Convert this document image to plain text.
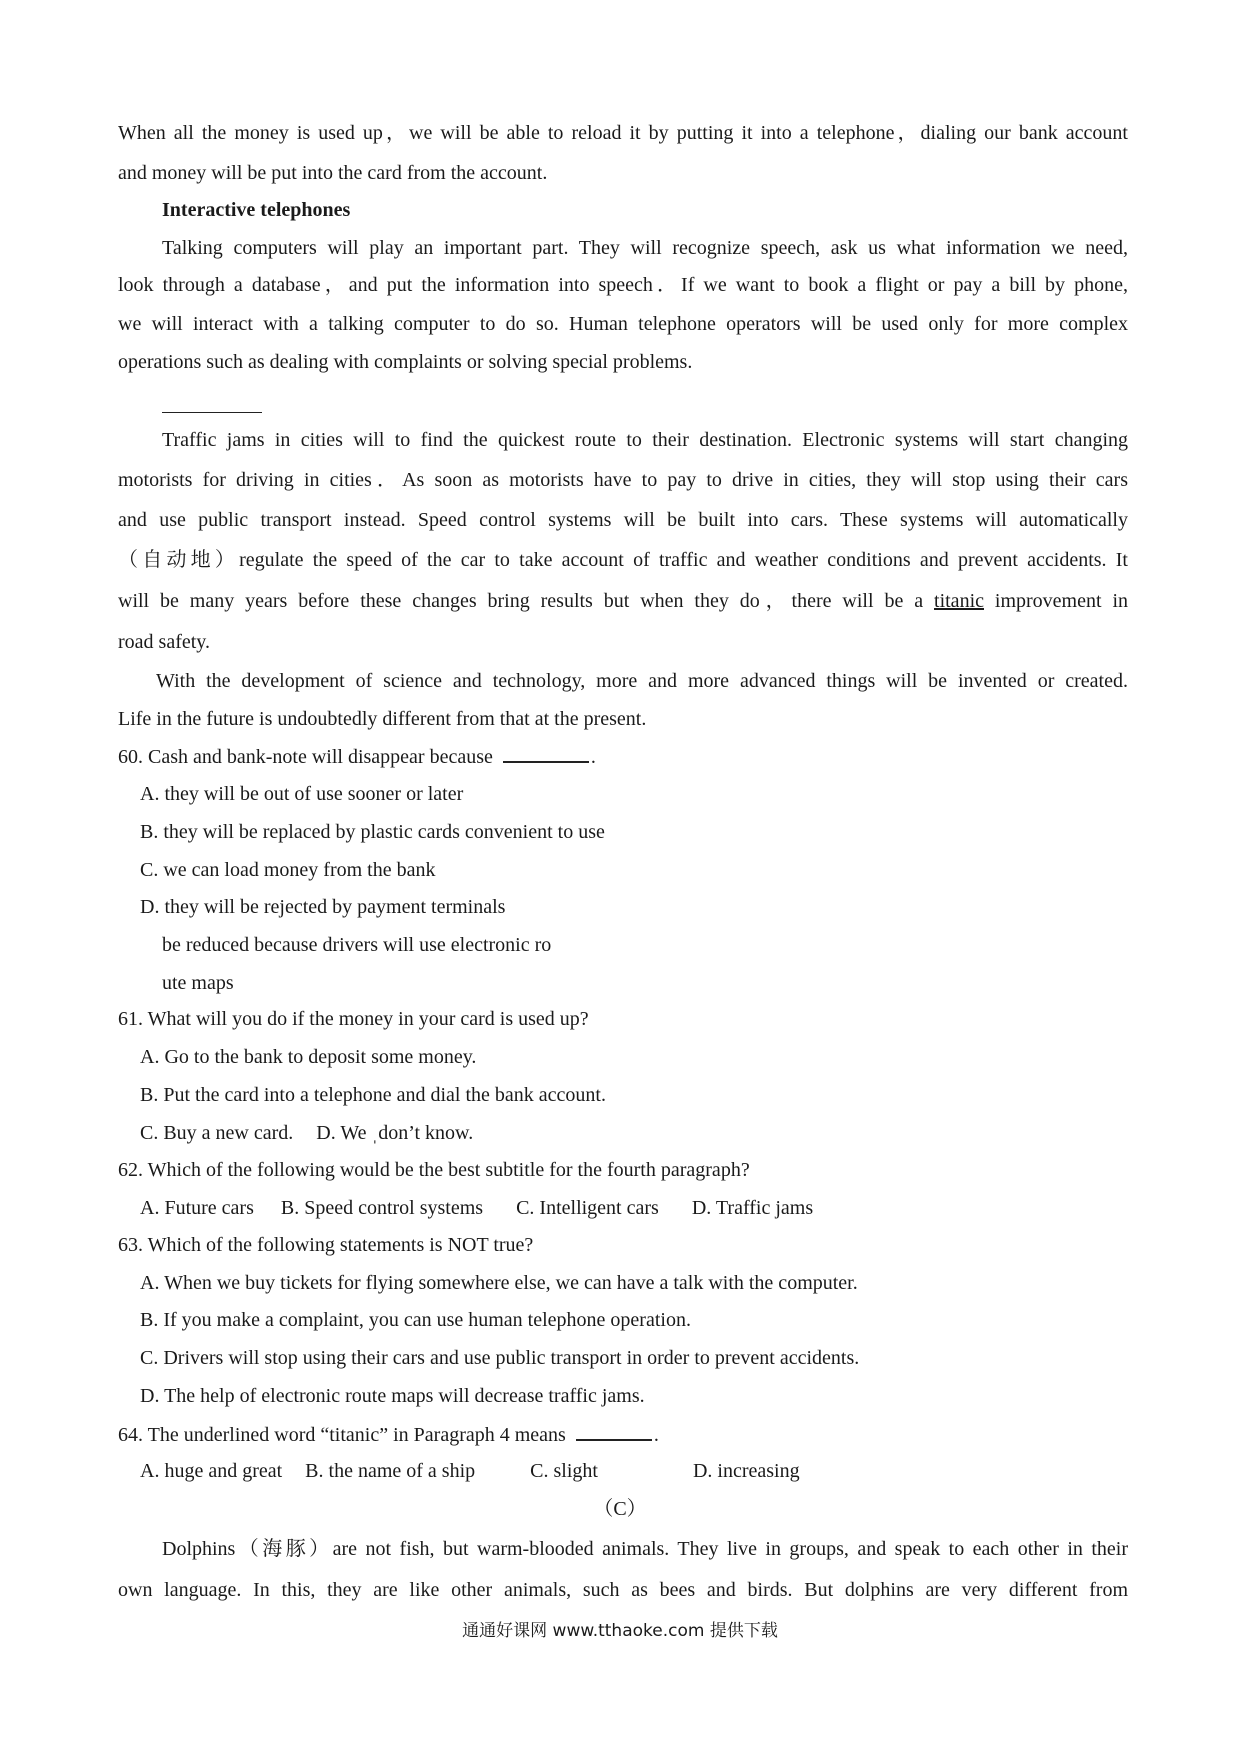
When all the money is used up，we will be able to reload it by putting it into a telephone，dialing our bank account
and money will be put into the card from the account.
Interactive telephones
Talking computers will play an important part. They will recognize speech, ask us what information we need,
look through a database，and put the information into speech．If we want to book a flight or pay a bill by phone,
we will interact with a talking computer to do so. Human telephone operators will be used only for more complex
operations such as dealing with complaints or solving special problems.
Traffic jams in cities will to find the quickest route to their destination. Electronic systems will start changing
motorists for driving in cities．As soon as motorists have to pay to drive in cities, they will stop using their cars
and use public transport instead. Speed control systems will be built into cars. These systems will automatically
（自动地）regulate the speed of the car to take account of traffic and weather conditions and prevent accidents. It
will be many years before these changes bring results but when they do，there will be a titanic improvement in
road safety.
With the development of science and technology, more and more advanced things will be invented or created.
Life in the future is undoubtedly different from that at the present.
60. Cash and bank-note will disappear because	.
A. they will be out of use sooner or later
B. they will be replaced by plastic cards convenient to use
C. we can load money from the bank
D. they will be rejected by payment terminals
be reduced because drivers will use electronic ro
ute maps
61. What will you do if the money in your card is used up?
A. Go to the bank to deposit some money.
B. Put the card into a telephone and dial the bank account.
C. Buy a new card. D. We ˌdon’t know.
62. Which of the following would be the best subtitle for the fourth paragraph?
A. Future cars B. Speed control systems C. Intelligent cars D. Traffic jams
63. Which of the following statements is NOT true?
A. When we buy tickets for flying somewhere else, we can have a talk with the computer.
B. If you make a complaint, you can use human telephone operation.
C. Drivers will stop using their cars and use public transport in order to prevent accidents.
D. The help of electronic route maps will decrease traffic jams.
64. The underlined word “titanic” in Paragraph 4 means	.
A. huge and great B. the name of a ship	C. slight	D. increasing
（C）
Dolphins（海豚）are not fish, but warm-blooded animals. They live in groups, and speak to each other in their
own language. In this, they are like other animals, such as bees and birds. But dolphins are very different from
通通好课网 www.tthaoke.com 提供下载
